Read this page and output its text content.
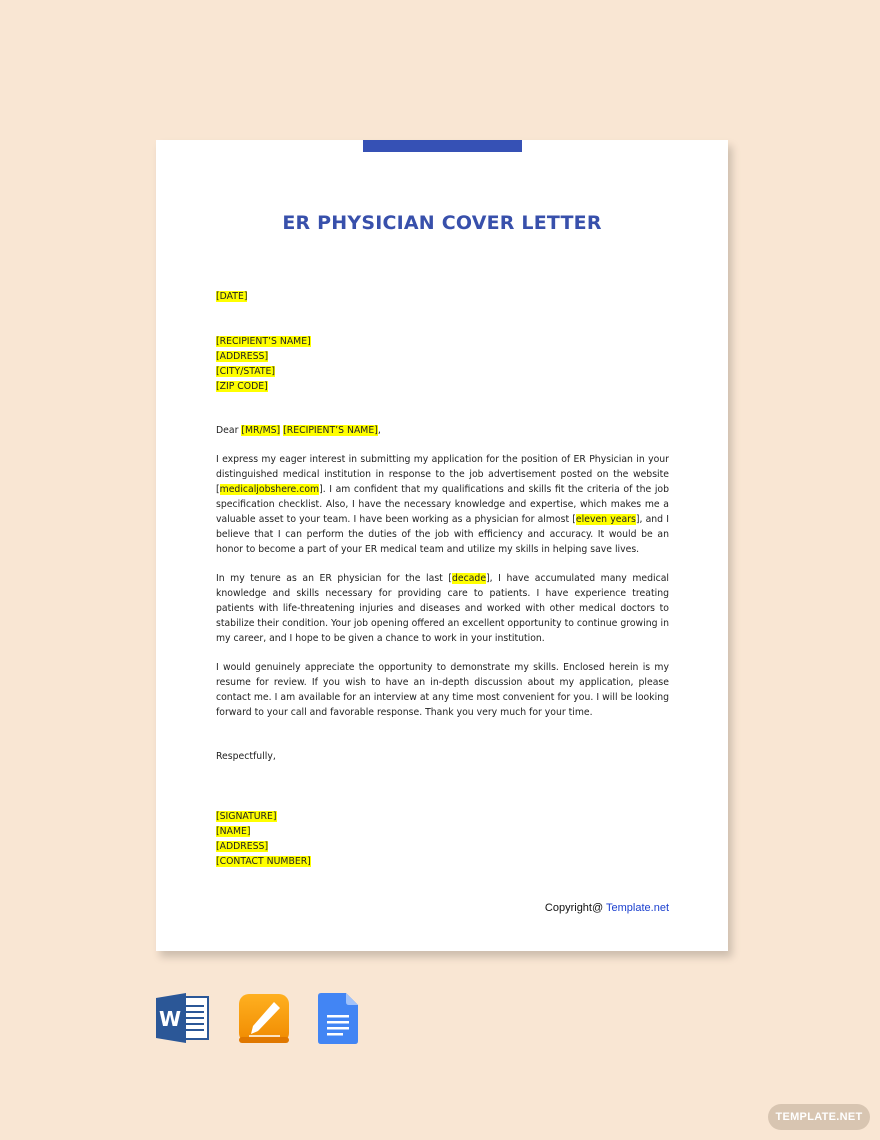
ER PHYSICIAN COVER LETTER
[DATE]
[RECIPIENT’S NAME]
[ADDRESS]
[CITY/STATE]
[ZIP CODE]
Dear [MR/MS] [RECIPIENT’S NAME],
I express my eager interest in submitting my application for the position of ER Physician in your distinguished medical institution in response to the job advertisement posted on the website [medicaljobshere.com]. I am confident that my qualifications and skills fit the criteria of the job specification checklist. Also, I have the necessary knowledge and expertise, which makes me a valuable asset to your team. I have been working as a physician for almost [eleven years], and I believe that I can perform the duties of the job with efficiency and accuracy. It would be an honor to become a part of your ER medical team and utilize my skills in helping save lives.
In my tenure as an ER physician for the last [decade], I have accumulated many medical knowledge and skills necessary for providing care to patients. I have experience treating patients with life-threatening injuries and diseases and worked with other medical doctors to stabilize their condition. Your job opening offered an excellent opportunity to continue growing in my career, and I hope to be given a chance to work in your institution.
I would genuinely appreciate the opportunity to demonstrate my skills. Enclosed herein is my resume for review. If you wish to have an in-depth discussion about my application, please contact me. I am available for an interview at any time most convenient for you. I will be looking forward to your call and favorable response. Thank you very much for your time.
Respectfully,
[SIGNATURE]
[NAME]
[ADDRESS]
[CONTACT NUMBER]
Copyright@ Template.net
W
TEMPLATE.NET
